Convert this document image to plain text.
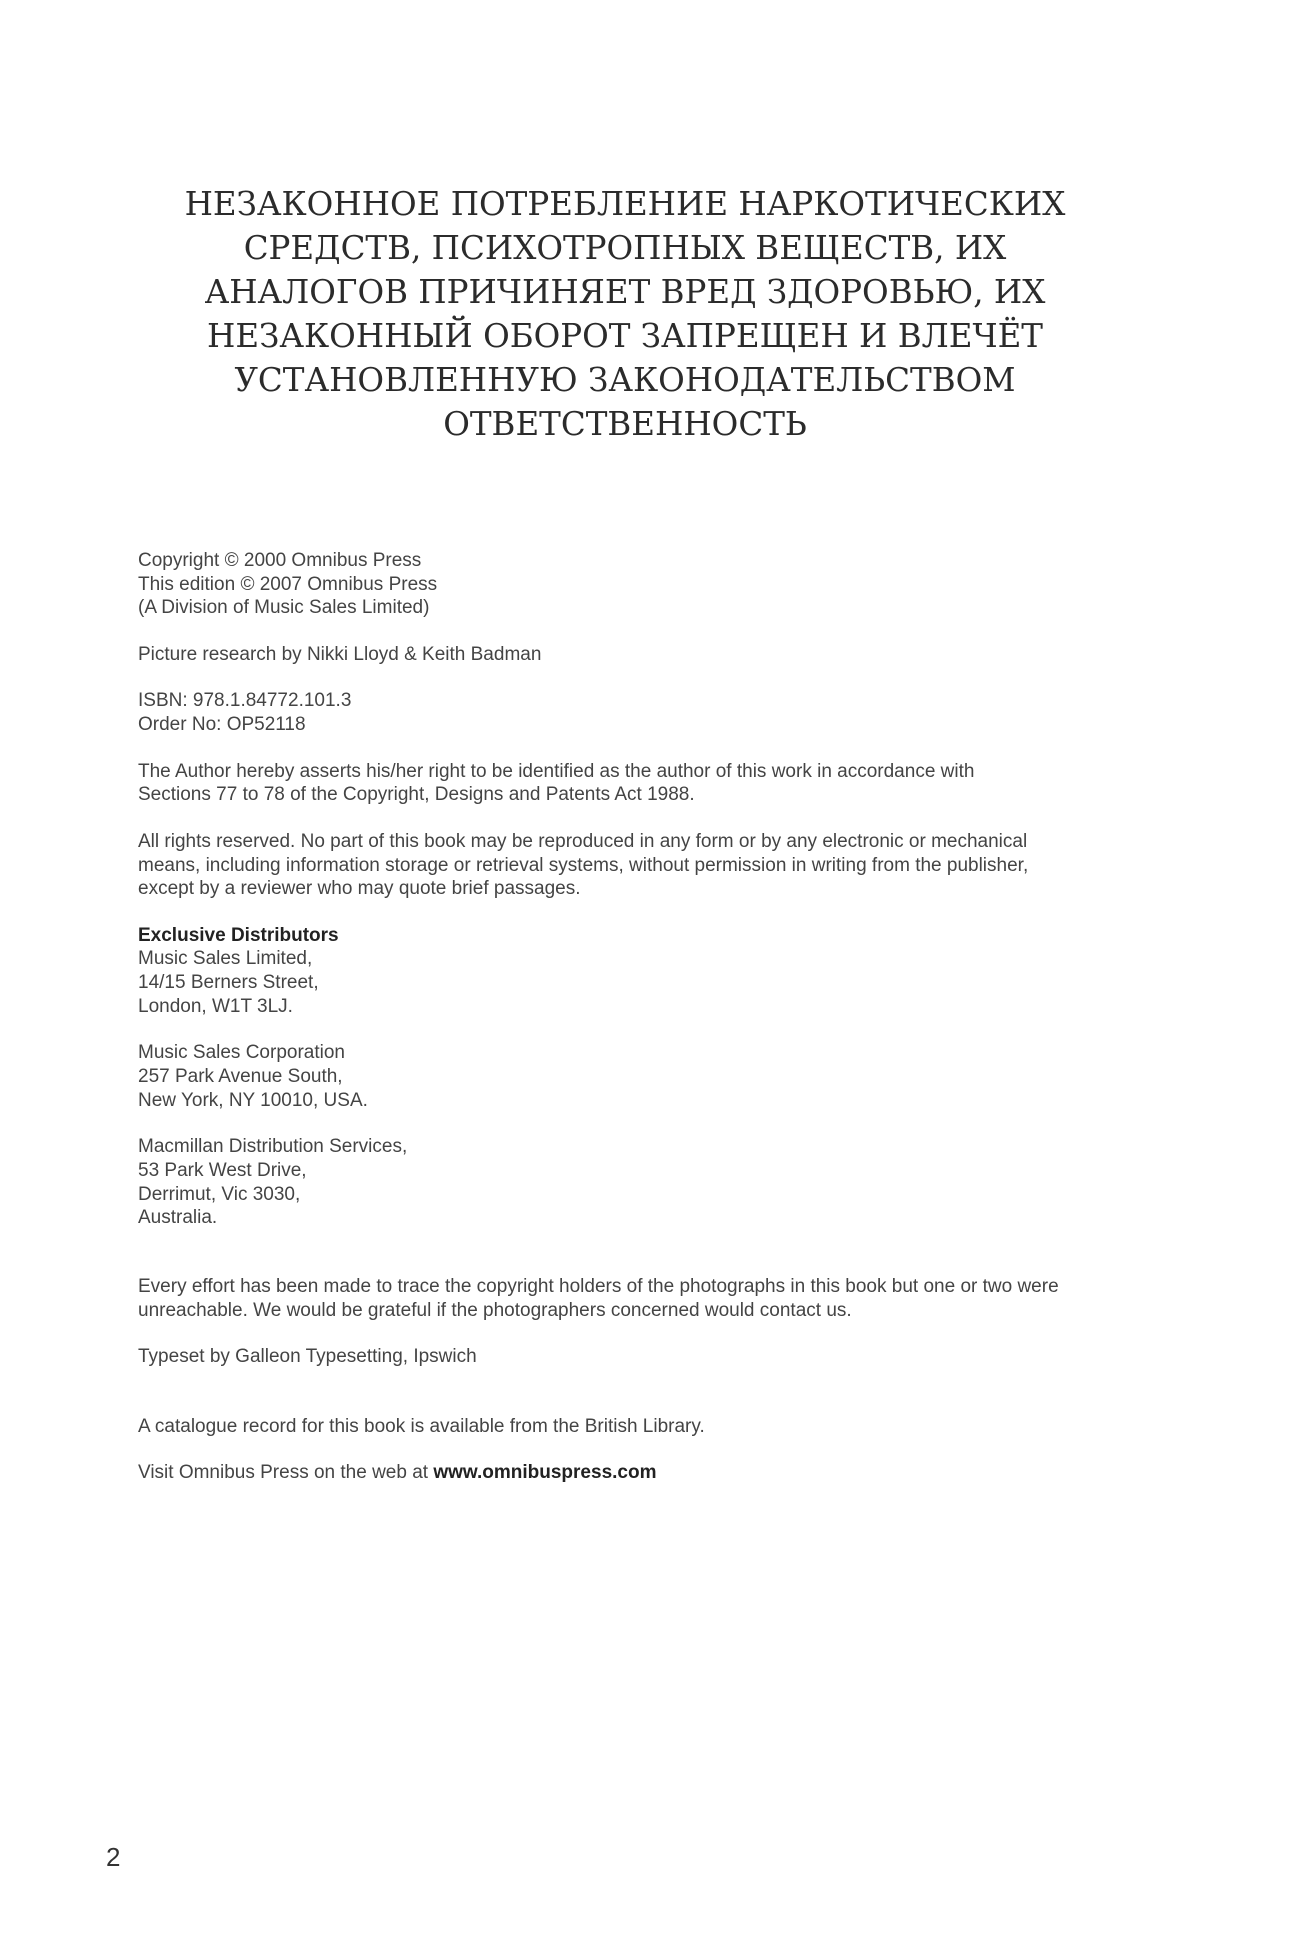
НЕЗАКОННОЕ ПОТРЕБЛЕНИЕ НАРКОТИЧЕСКИХ
СРЕДСТВ, ПСИХОТРОПНЫХ ВЕЩЕСТВ, ИХ
АНАЛОГОВ ПРИЧИНЯЕТ ВРЕД ЗДОРОВЬЮ, ИХ
НЕЗАКОННЫЙ ОБОРОТ ЗАПРЕЩЕН И ВЛЕЧЁТ
УСТАНОВЛЕННУЮ ЗАКОНОДАТЕЛЬСТВОМ
ОТВЕТСТВЕННОСТЬ
Copyright © 2000 Omnibus Press
This edition © 2007 Omnibus Press
(A Division of Music Sales Limited)
Picture research by Nikki Lloyd & Keith Badman
ISBN: 978.1.84772.101.3
Order No: OP52118
The Author hereby asserts his/her right to be identified as the author of this work in accordance with
Sections 77 to 78 of the Copyright, Designs and Patents Act 1988.
All rights reserved. No part of this book may be reproduced in any form or by any electronic or mechanical
means, including information storage or retrieval systems, without permission in writing from the publisher,
except by a reviewer who may quote brief passages.
Exclusive Distributors
Music Sales Limited,
14/15 Berners Street,
London, W1T 3LJ.
Music Sales Corporation
257 Park Avenue South,
New York, NY 10010, USA.
Macmillan Distribution Services,
53 Park West Drive,
Derrimut, Vic 3030,
Australia.
Every effort has been made to trace the copyright holders of the photographs in this book but one or two were
unreachable. We would be grateful if the photographers concerned would contact us.
Typeset by Galleon Typesetting, Ipswich
A catalogue record for this book is available from the British Library.
Visit Omnibus Press on the web at www.omnibuspress.com
2
